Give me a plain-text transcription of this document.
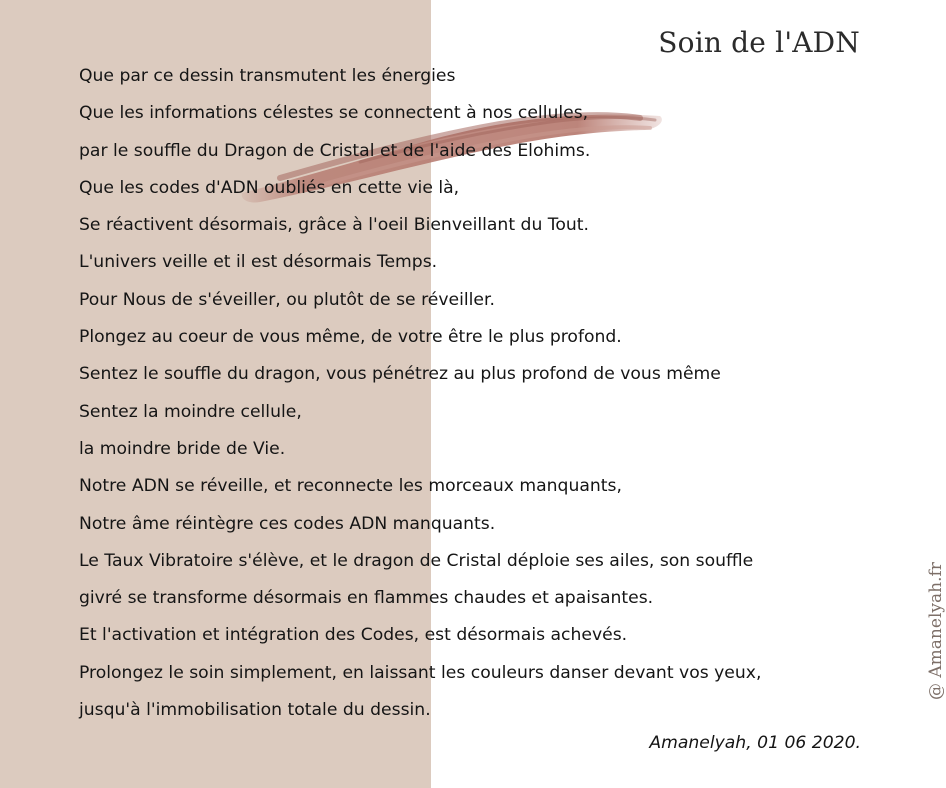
Soin de l'ADN
Que par ce dessin transmutent les énergies
Que les informations célestes se connectent à nos cellules,
par le souffle du Dragon de Cristal et de l'aide des Elohims.
Que les codes d'ADN oubliés en cette vie là,
Se réactivent désormais, grâce à l'oeil Bienveillant du Tout.
L'univers veille et il est désormais Temps.
Pour Nous de s'éveiller, ou plutôt de se réveiller.
Plongez au coeur de vous même, de votre être le plus profond.
Sentez le souffle du dragon, vous pénétrez au plus profond de vous même
Sentez la moindre cellule,
la moindre bride de Vie.
Notre ADN se réveille, et reconnecte les morceaux manquants,
Notre âme réintègre ces codes ADN manquants.
Le Taux Vibratoire s'élève, et le dragon de Cristal déploie ses ailes, son souffle
givré se transforme désormais en flammes chaudes et apaisantes.
Et l'activation et intégration des Codes, est désormais achevés.
Prolongez le soin simplement, en laissant les couleurs danser devant vos yeux,
jusqu'à l'immobilisation totale du dessin.

Amanelyah, 01 06 2020.

@ Amanelyah.fr
